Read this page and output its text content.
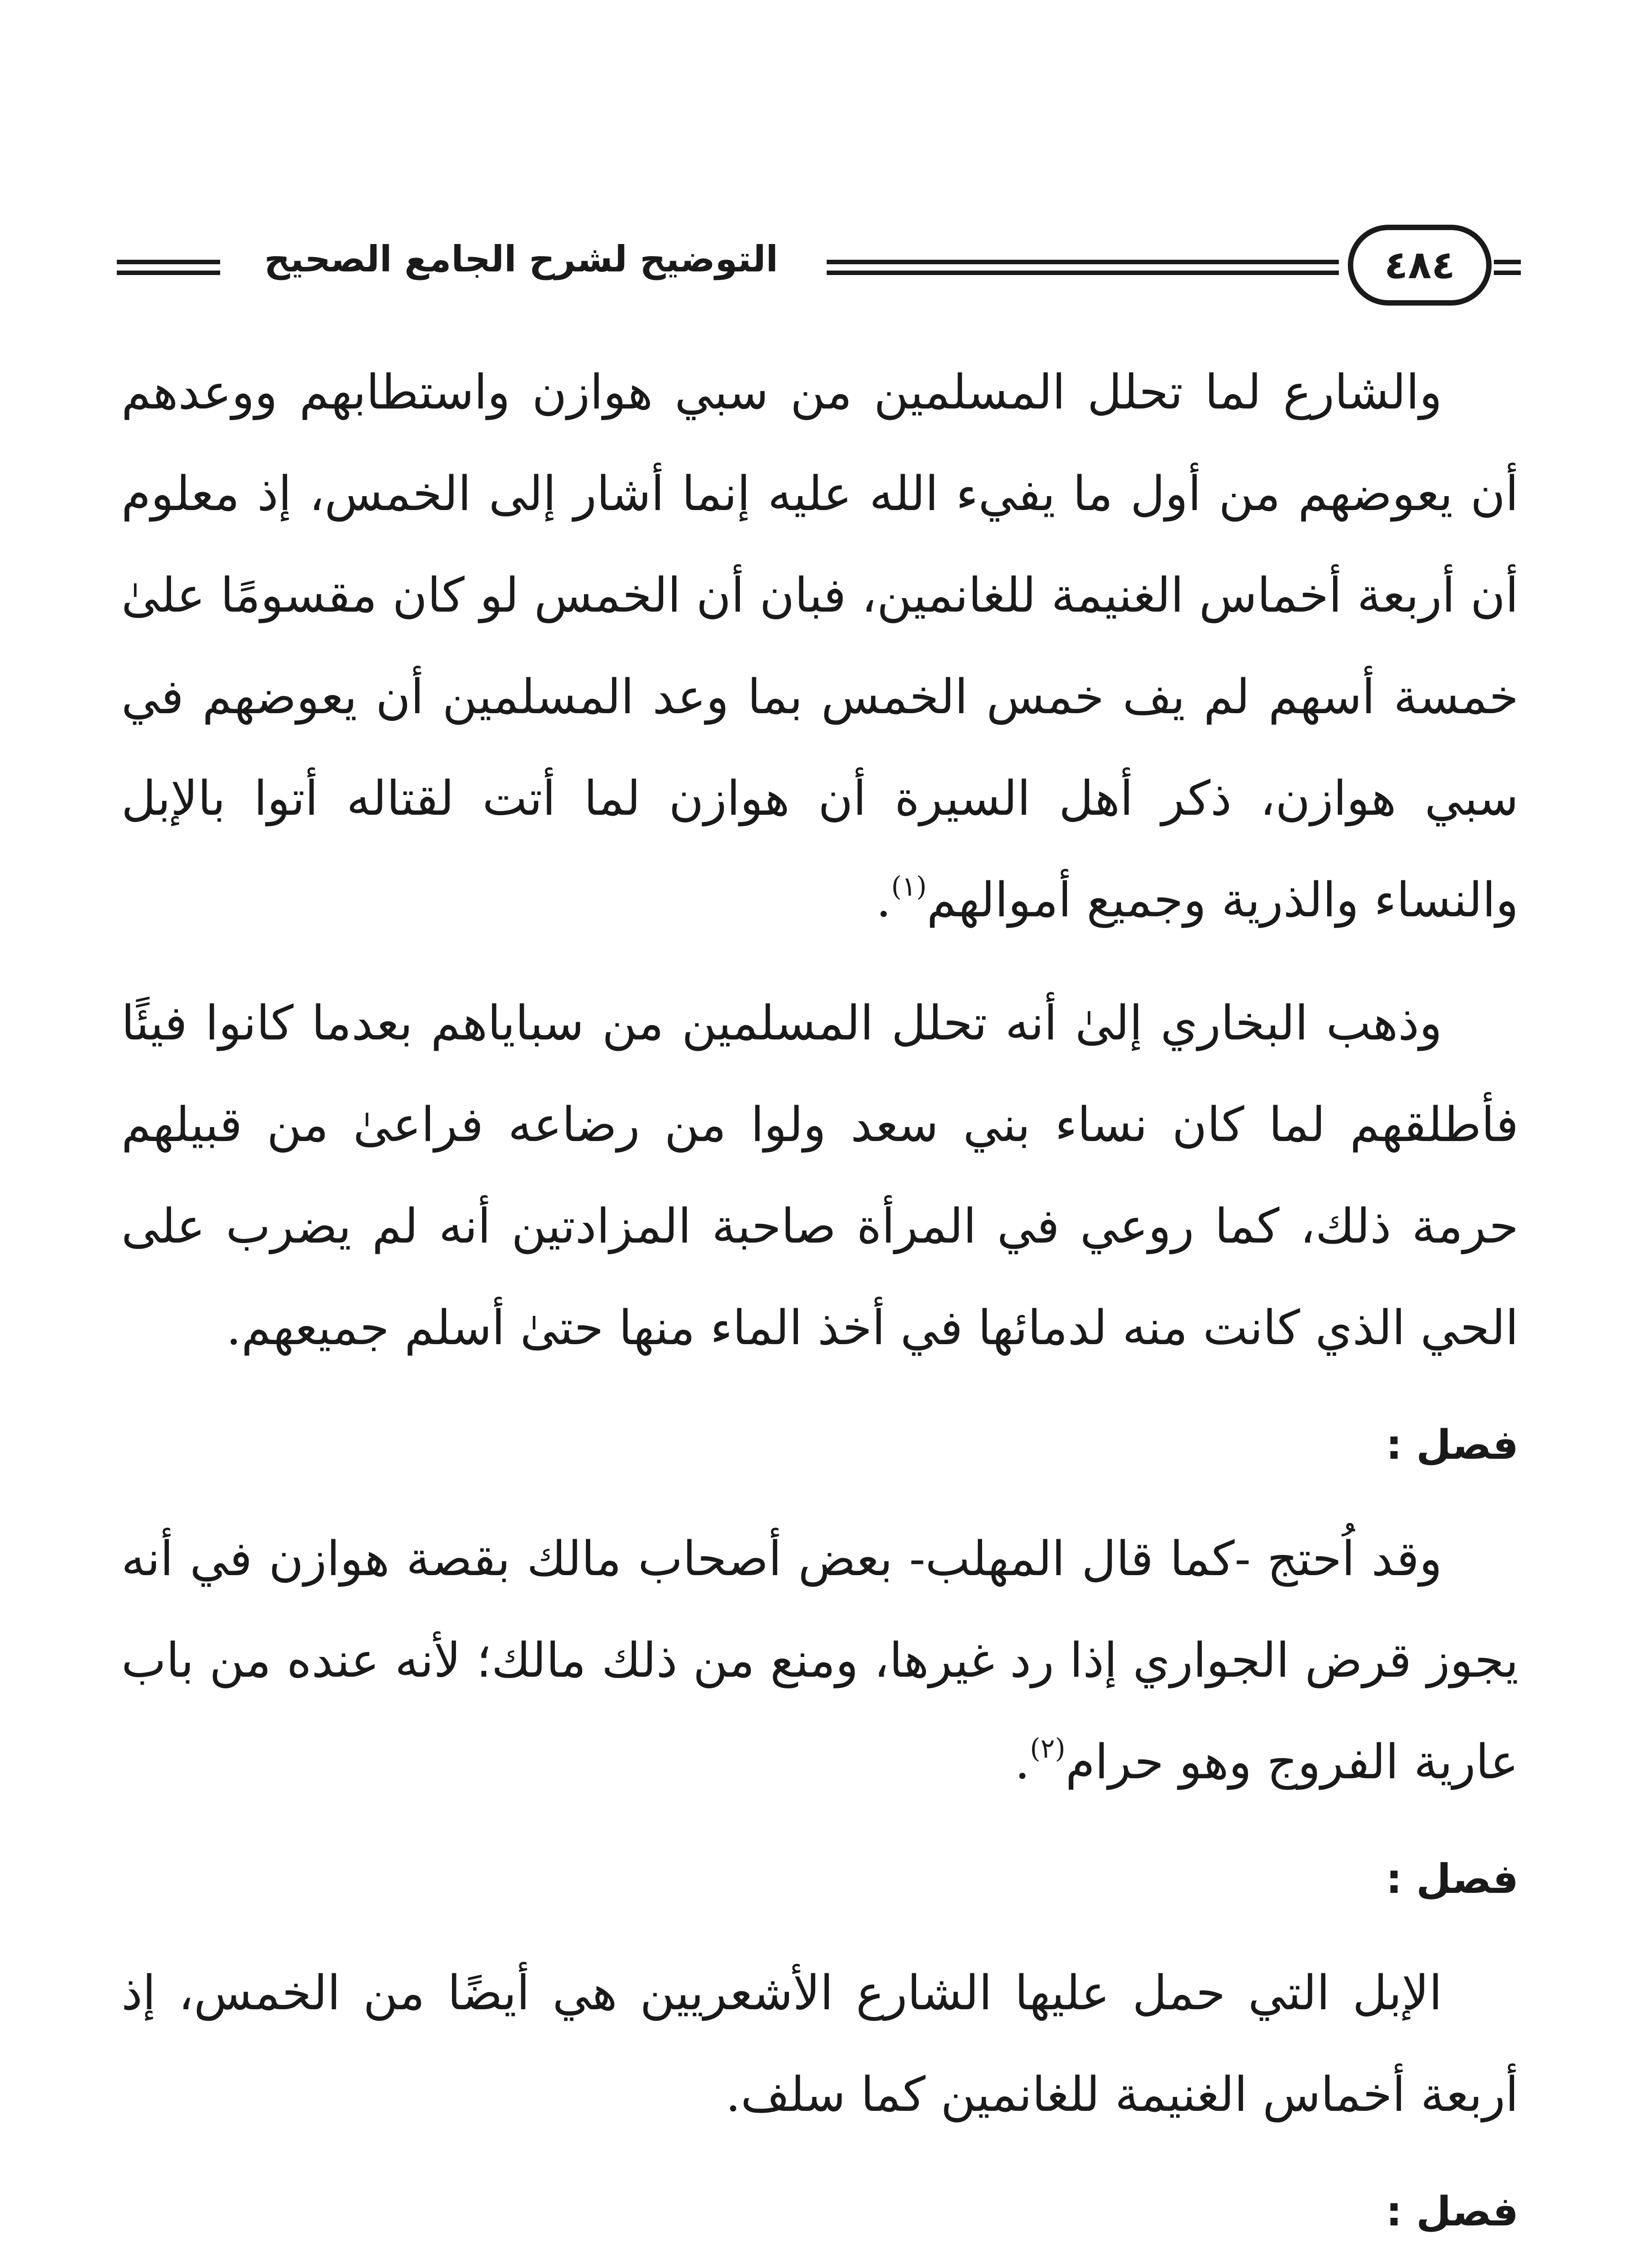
التوضيح لشرح الجامع الصحيح	٤٨٤

والشارع لما تحلل المسلمين من سبي هوازن واستطابهم ووعدهم أن يعوضهم من أول ما يفيء الله عليه إنما أشار إلى الخمس، إذ معلوم أن أربعة أخماس الغنيمة للغانمين، فبان أن الخمس لو كان مقسومًا علىٰ خمسة أسهم لم يف خمس الخمس بما وعد المسلمين أن يعوضهم في سبي هوازن، ذكر أهل السيرة أن هوازن لما أتت لقتاله أتوا بالإبل والنساء والذرية وجميع أموالهم$^{(١)}$.

وذهب البخاري إلىٰ أنه تحلل المسلمين من سباياهم بعدما كانوا فيئًا فأطلقهم لما كان نساء بني سعد ولوا من رضاعه فراعىٰ من قبيلهم حرمة ذلك، كما روعي في المرأة صاحبة المزادتين أنه لم يضرب على الحي الذي كانت منه لدمائها في أخذ الماء منها حتىٰ أسلم جميعهم.

فصل :

وقد اُحتج -كما قال المهلب- بعض أصحاب مالك بقصة هوازن في أنه يجوز قرض الجواري إذا رد غيرها، ومنع من ذلك مالك؛ لأنه عنده من باب عارية الفروج وهو حرام$^{(٢)}$.

فصل :

الإبل التي حمل عليها الشارع الأشعريين هي أيضًا من الخمس، إذ أربعة أخماس الغنيمة للغانمين كما سلف.

فصل :
